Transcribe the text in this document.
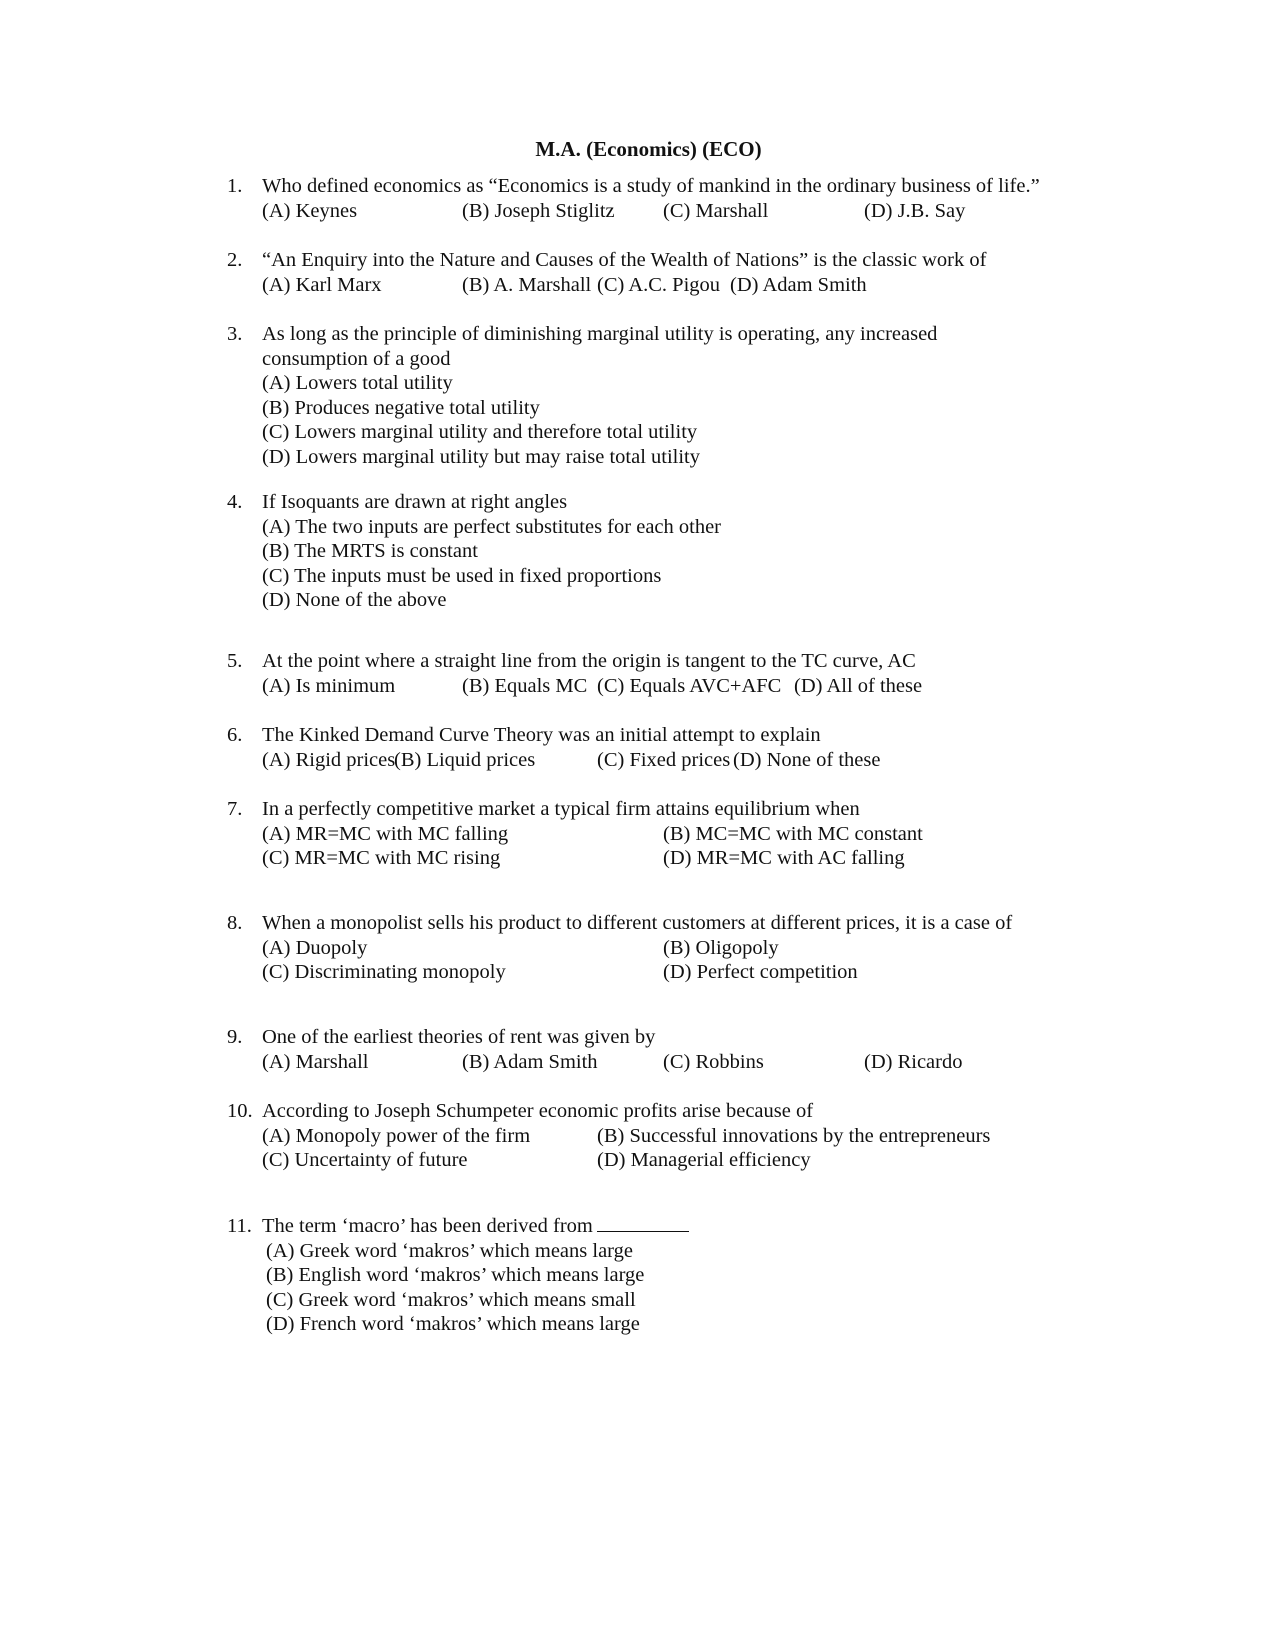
M.A. (Economics) (ECO)
1. Who defined economics as “Economics is a study of mankind in the ordinary business of life.”
(A) Keynes	(B) Joseph Stiglitz (C) Marshall	(D) J.B. Say
2. “An Enquiry into the Nature and Causes of the Wealth of Nations” is the classic work of
(A) Karl Marx	(B) A. Marshall (C) A.C. Pigou (D) Adam Smith
3. As long as the principle of diminishing marginal utility is operating, any increased consumption of a good
(A) Lowers total utility
(B) Produces negative total utility
(C) Lowers marginal utility and therefore total utility
(D) Lowers marginal utility but may raise total utility
4. If Isoquants are drawn at right angles
(A) The two inputs are perfect substitutes for each other
(B) The MRTS is constant
(C) The inputs must be used in fixed proportions
(D) None of the above
5. At the point where a straight line from the origin is tangent to the TC curve, AC
(A) Is minimum	(B) Equals MC (C) Equals AVC+AFC (D) All of these
6. The Kinked Demand Curve Theory was an initial attempt to explain
(A) Rigid prices
(B) Liquid prices	(C) Fixed prices (D) None of these
7. In a perfectly competitive market a typical firm attains equilibrium when
(A) MR=MC with MC falling	(B) MC=MC with MC constant
(C) MR=MC with MC rising	(D) MR=MC with AC falling
8. When a monopolist sells his product to different customers at different prices, it is a case of
(A) Duopoly	(B) Oligopoly
(C) Discriminating monopoly	(D) Perfect competition
9. One of the earliest theories of rent was given by
(A) Marshall	(B) Adam Smith	(C) Robbins	(D) Ricardo
10. According to Joseph Schumpeter economic profits arise because of
(A) Monopoly power of the firm	(B) Successful innovations by the entrepreneurs
(C) Uncertainty of future	(D) Managerial efficiency
11. The term ‘macro’ has been derived from
(A) Greek word ‘makros’ which means large
(B) English word ‘makros’ which means large
(C) Greek word ‘makros’ which means small
(D) French word ‘makros’ which means large
